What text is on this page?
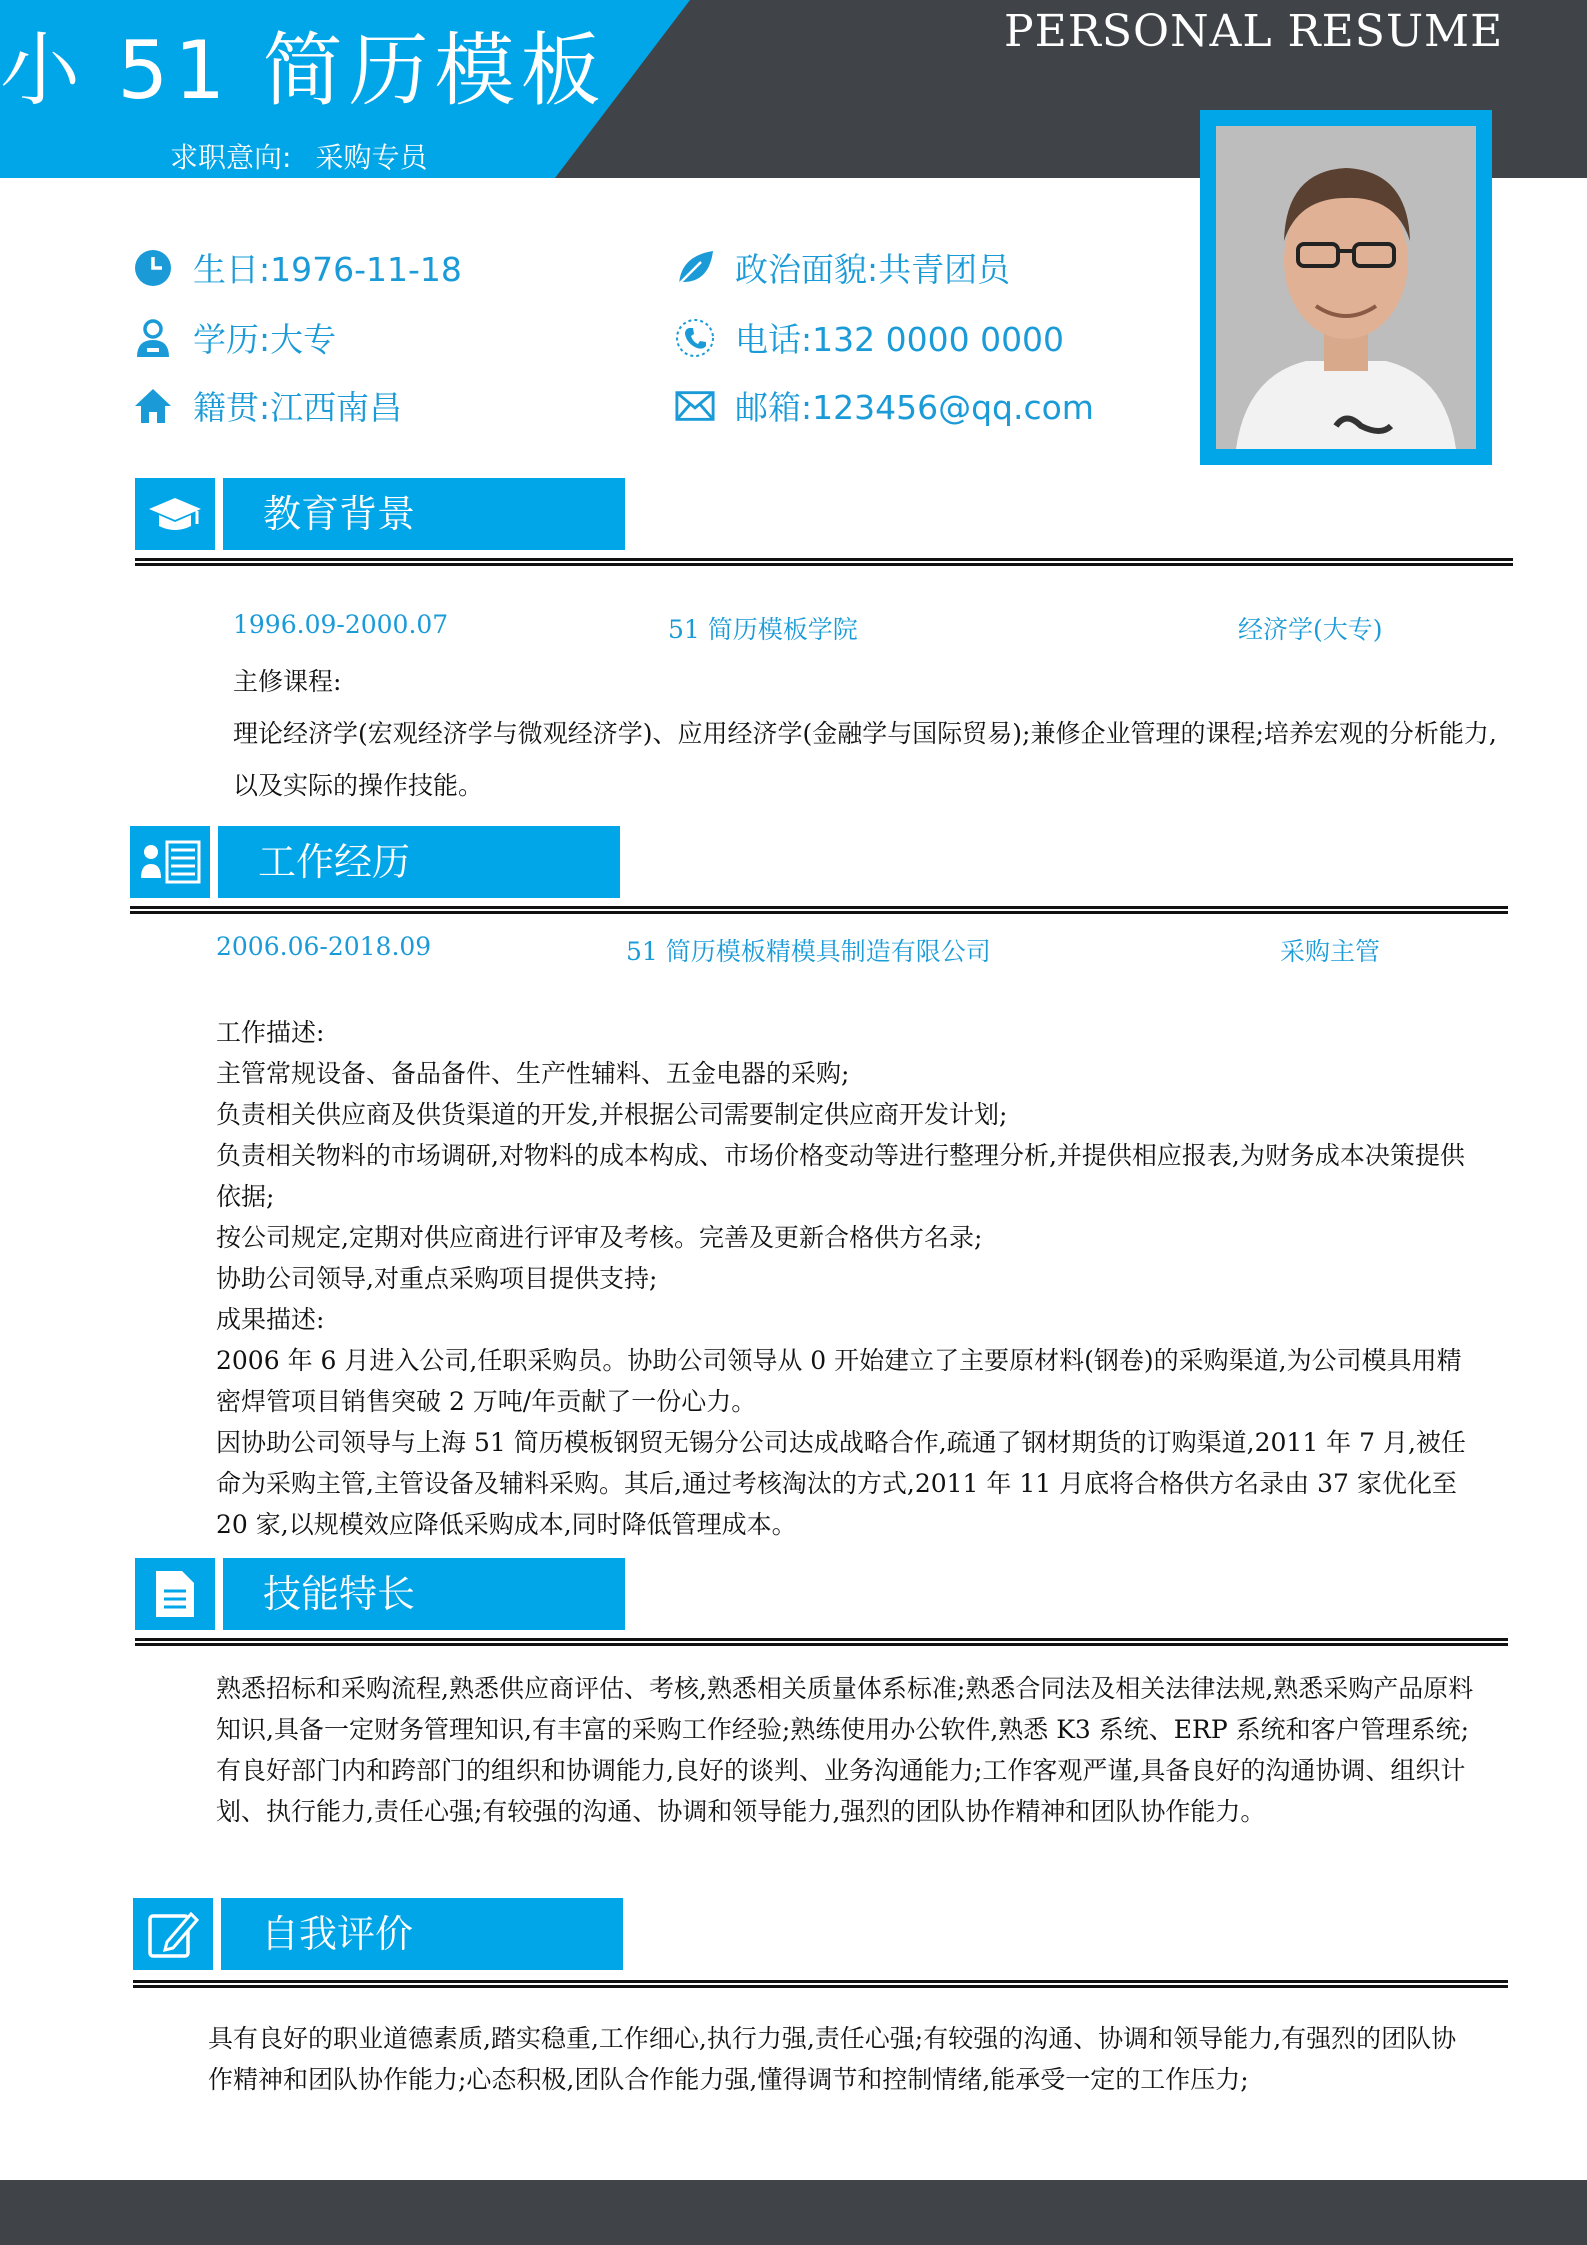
小 51 简历模板
求职意向: 采购专员
PERSONAL RESUME
生日:1976-11-18	政治面貌:共青团员
学历:大专	电话:132 0000 0000
籍贯:江西南昌	邮箱:123456@qq.com
教育背景
1996.09-2000.07	51 简历模板学院	经济学(大专)

主修课程:

理论经济学(宏观经济学与微观经济学)、应用经济学(金融学与国际贸易);兼修企业管理的课程;培养宏观的分析能力,以及实际的操作技能。

工作经历
2006.06-2018.09	51 简历模板精模具制造有限公司	采购主管

工作描述:

主管常规设备、备品备件、生产性辅料、五金电器的采购;

负责相关供应商及供货渠道的开发,并根据公司需要制定供应商开发计划;

负责相关物料的市场调研,对物料的成本构成、市场价格变动等进行整理分析,并提供相应报表,为财务成本决策提供依据;

按公司规定,定期对供应商进行评审及考核。完善及更新合格供方名录;

协助公司领导,对重点采购项目提供支持;

成果描述:

2006 年 6 月进入公司,任职采购员。协助公司领导从 0 开始建立了主要原材料(钢卷)的采购渠道,为公司模具用精密焊管项目销售突破 2 万吨/年贡献了一份心力。

因协助公司领导与上海 51 简历模板钢贸无锡分公司达成战略合作,疏通了钢材期货的订购渠道,2011 年 7 月,被任命为采购主管,主管设备及辅料采购。其后,通过考核淘汰的方式,2011 年 11 月底将合格供方名录由 37 家优化至 20 家,以规模效应降低采购成本,同时降低管理成本。

技能特长
熟悉招标和采购流程,熟悉供应商评估、考核,熟悉相关质量体系标准;熟悉合同法及相关法律法规,熟悉采购产品原料知识,具备一定财务管理知识,有丰富的采购工作经验;熟练使用办公软件,熟悉 K3 系统、ERP 系统和客户管理系统;有良好部门内和跨部门的组织和协调能力,良好的谈判、业务沟通能力;工作客观严谨,具备良好的沟通协调、组织计划、执行能力,责任心强;有较强的沟通、协调和领导能力,强烈的团队协作精神和团队协作能力。
自我评价
具有良好的职业道德素质,踏实稳重,工作细心,执行力强,责任心强;有较强的沟通、协调和领导能力,有强烈的团队协作精神和团队协作能力;心态积极,团队合作能力强,懂得调节和控制情绪,能承受一定的工作压力;
